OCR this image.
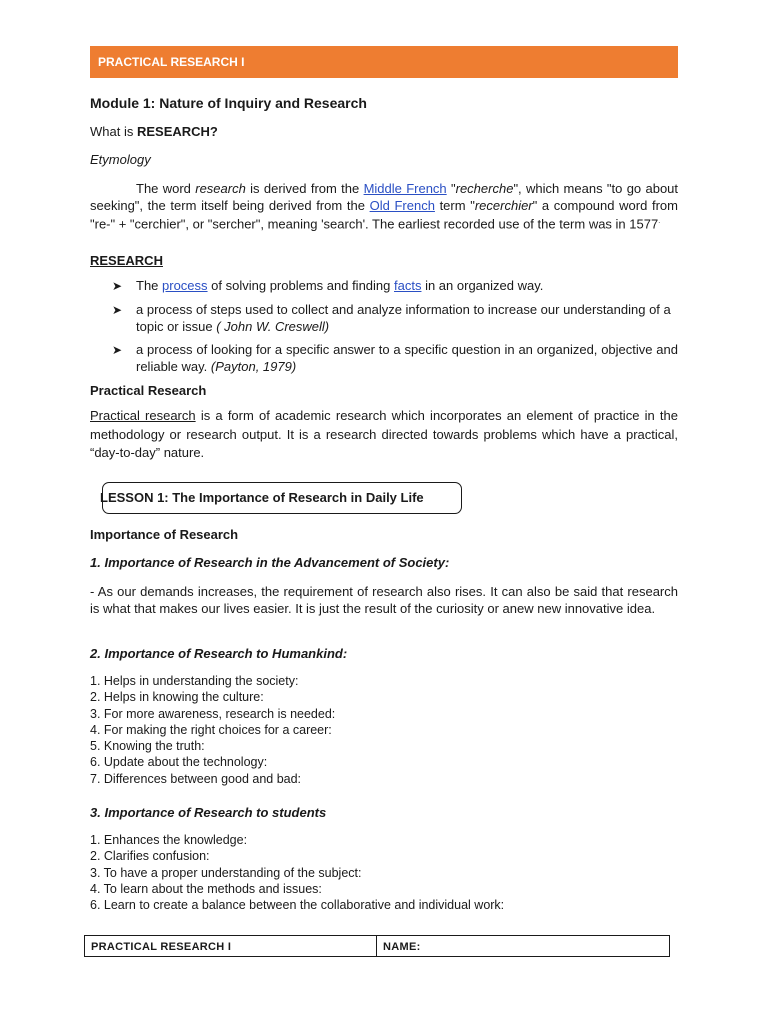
PRACTICAL RESEARCH I
Module 1: Nature of Inquiry and Research
What is RESEARCH?
Etymology
The word research is derived from the Middle French "recherche", which means "to go about seeking", the term itself being derived from the Old French term "recerchier" a compound word from "re-" + "cerchier", or "sercher", meaning 'search'. The earliest recorded use of the term was in 1577.
RESEARCH
➤ The process of solving problems and finding facts in an organized way.
➤ a process of steps used to collect and analyze information to increase our understanding of a topic or issue ( John W. Creswell)
➤ a process of looking for a specific answer to a specific question in an organized, objective and reliable way. (Payton, 1979)
Practical Research
Practical research is a form of academic research which incorporates an element of practice in the methodology or research output. It is a research directed towards problems which have a practical, “day-to-day” nature.
LESSON 1: The Importance of Research in Daily Life
Importance of Research
1. Importance of Research in the Advancement of Society:
- As our demands increases, the requirement of research also rises. It can also be said that research is what that makes our lives easier. It is just the result of the curiosity or anew new innovative idea.
2. Importance of Research to Humankind:
1. Helps in understanding the society:
2. Helps in knowing the culture:
3. For more awareness, research is needed:
4. For making the right choices for a career:
5. Knowing the truth:
6. Update about the technology:
7. Differences between good and bad:
3. Importance of Research to students
1. Enhances the knowledge:
2. Clarifies confusion:
3. To have a proper understanding of the subject:
4. To learn about the methods and issues:
6. Learn to create a balance between the collaborative and individual work:
PRACTICAL RESEARCH I	NAME:
